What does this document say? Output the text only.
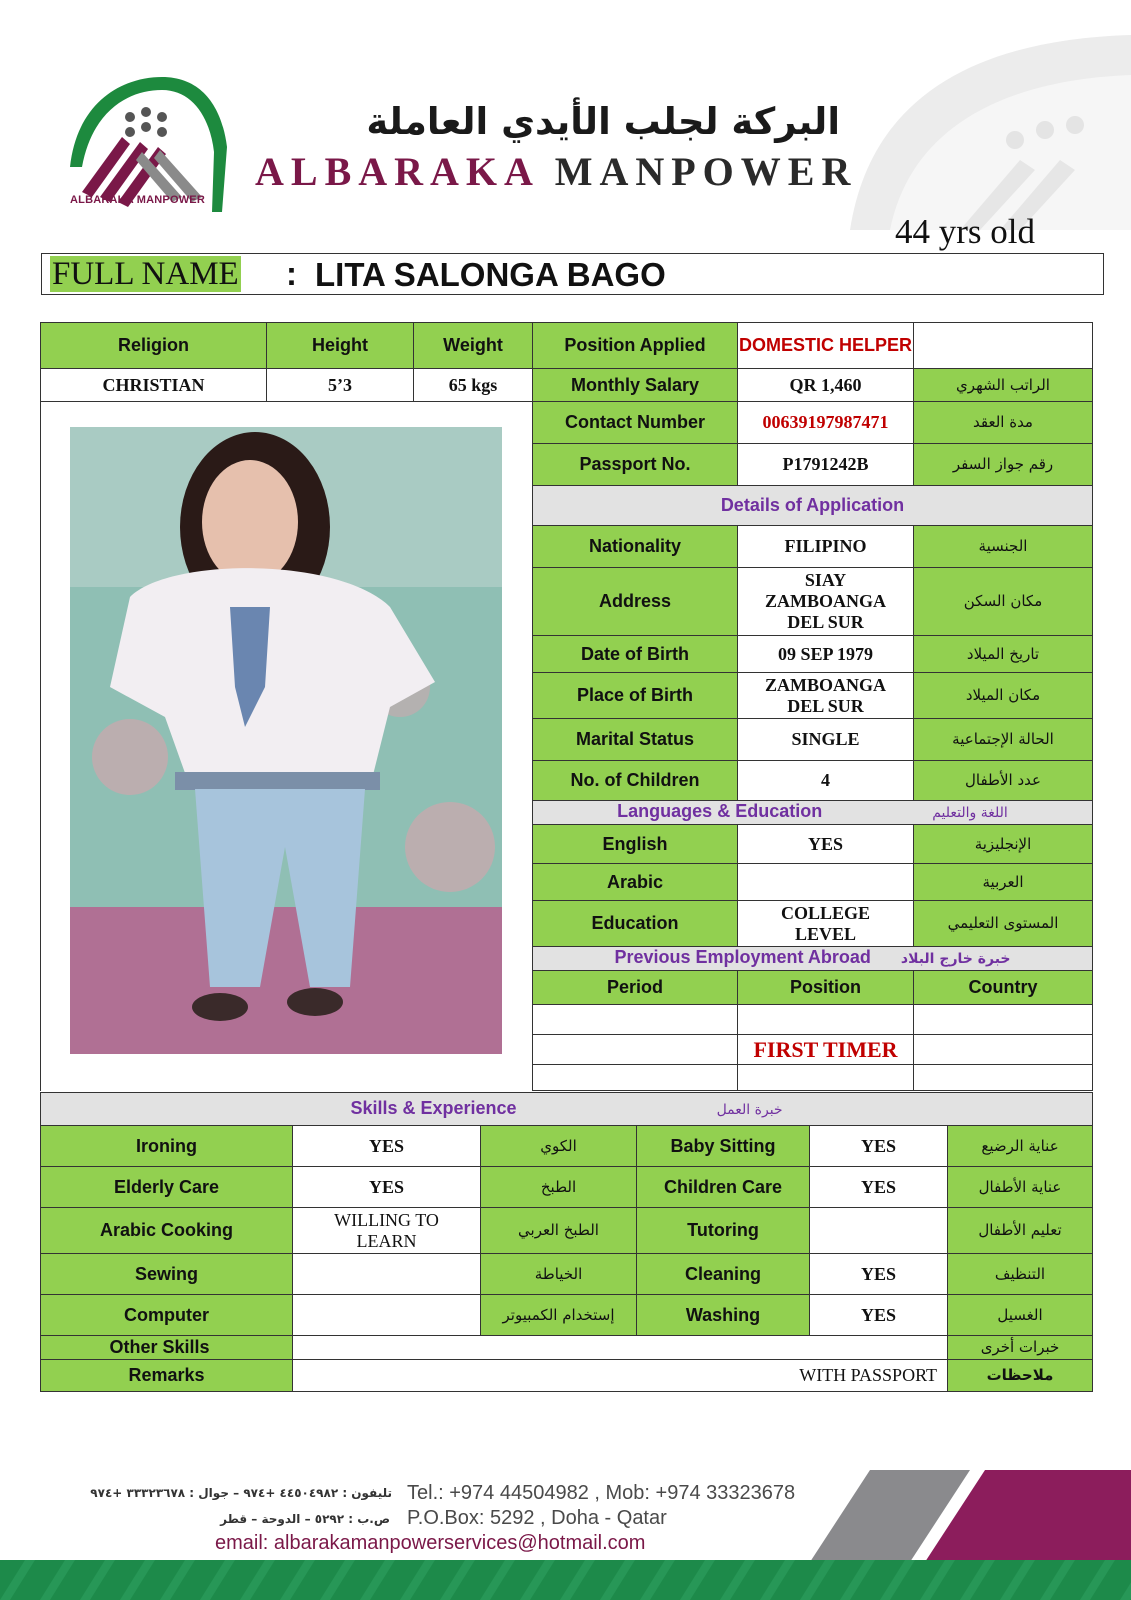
ALBARAKA MANPOWER
البركة لجلب الأيدي العاملة
ALBARAKA MANPOWER
44 yrs old
FULL NAME : LITA SALONGA BAGO
Religion	Height	Weight	Position Applied	DOMESTIC HELPER	
CHRISTIAN	5’3	65 kgs	Monthly Salary	QR 1,460	الراتب الشهري
			Contact Number	00639197987471	مدة العقد
			Passport No.	P1791242B	رقم جواز السفر
			Details of Application		
			Nationality	FILIPINO	الجنسية
			Address	SIAY ZAMBOANGA DEL SUR	مكان السكن
			Date of Birth	09 SEP 1979	تاريخ الميلاد
			Place of Birth	ZAMBOANGA DEL SUR	مكان الميلاد
			Marital Status	SINGLE	الحالة الإجتماعية
			No. of Children	4	عدد الأطفال
			Languages & Education اللغة والتعليم		
			English	YES	الإنجليزية
			Arabic		العربية
			Education	COLLEGE LEVEL	المستوى التعليمي
			Previous Employment Abroad خبرة خارج البلاد		
			Period	Position	Country

				FIRST TIMER	

Skills & Experience خبرة العمل					
Ironing	YES	الكوي	Baby Sitting	YES	عناية الرضيع
Elderly Care	YES	الطبخ	Children Care	YES	عناية الأطفال
Arabic Cooking	WILLING TO LEARN	الطبخ العربي	Tutoring		تعليم الأطفال
Sewing		الخياطة	Cleaning	YES	التنظيف
Computer		إستخدام الكمبيوتر	Washing	YES	الغسيل
Other Skills					خبرات أخرى
Remarks	WITH PASSPORT				ملاحظات
تليفون : ٤٤٥٠٤٩٨٢ +٩٧٤ – جوال : ٣٣٣٢٣٦٧٨ +٩٧٤ Tel.: +974 44504982 , Mob: +974 33323678
ص.ب : ٥٢٩٢ – الدوحة – قطر P.O.Box: 5292 , Doha - Qatar
email: albarakamanpowerservices@hotmail.com
